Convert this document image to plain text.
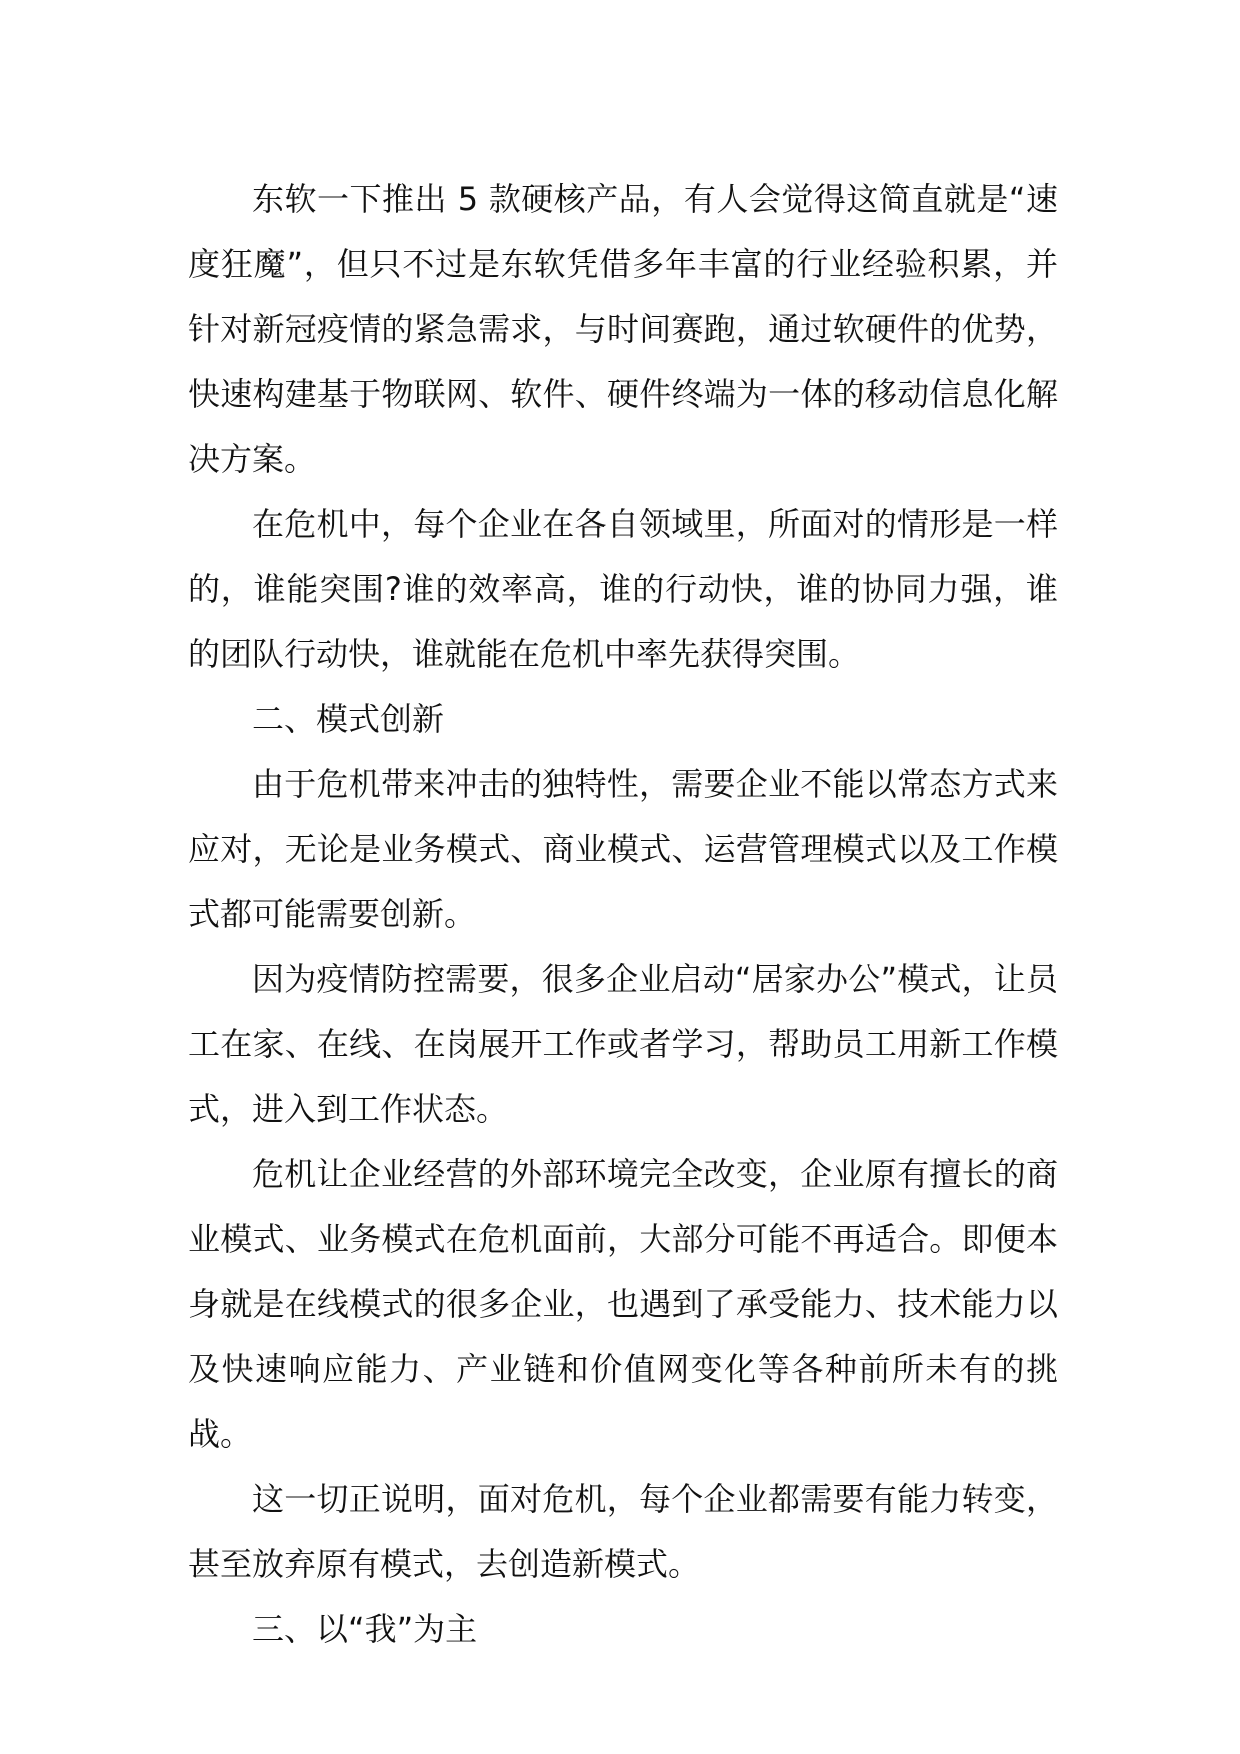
东软一下推出 5 款硬核产品，有人会觉得这简直就是“速度狂魔”，但只不过是东软凭借多年丰富的行业经验积累，并针对新冠疫情的紧急需求，与时间赛跑，通过软硬件的优势，快速构建基于物联网、软件、硬件终端为一体的移动信息化解决方案。

在危机中，每个企业在各自领域里，所面对的情形是一样的，谁能突围?谁的效率高，谁的行动快，谁的协同力强，谁的团队行动快，谁就能在危机中率先获得突围。

二、模式创新

由于危机带来冲击的独特性，需要企业不能以常态方式来应对，无论是业务模式、商业模式、运营管理模式以及工作模式都可能需要创新。

因为疫情防控需要，很多企业启动“居家办公”模式，让员工在家、在线、在岗展开工作或者学习，帮助员工用新工作模式，进入到工作状态。

危机让企业经营的外部环境完全改变，企业原有擅长的商业模式、业务模式在危机面前，大部分可能不再适合。即便本身就是在线模式的很多企业，也遇到了承受能力、技术能力以及快速响应能力、产业链和价值网变化等各种前所未有的挑战。

这一切正说明，面对危机，每个企业都需要有能力转变，甚至放弃原有模式，去创造新模式。

三、以“我”为主
